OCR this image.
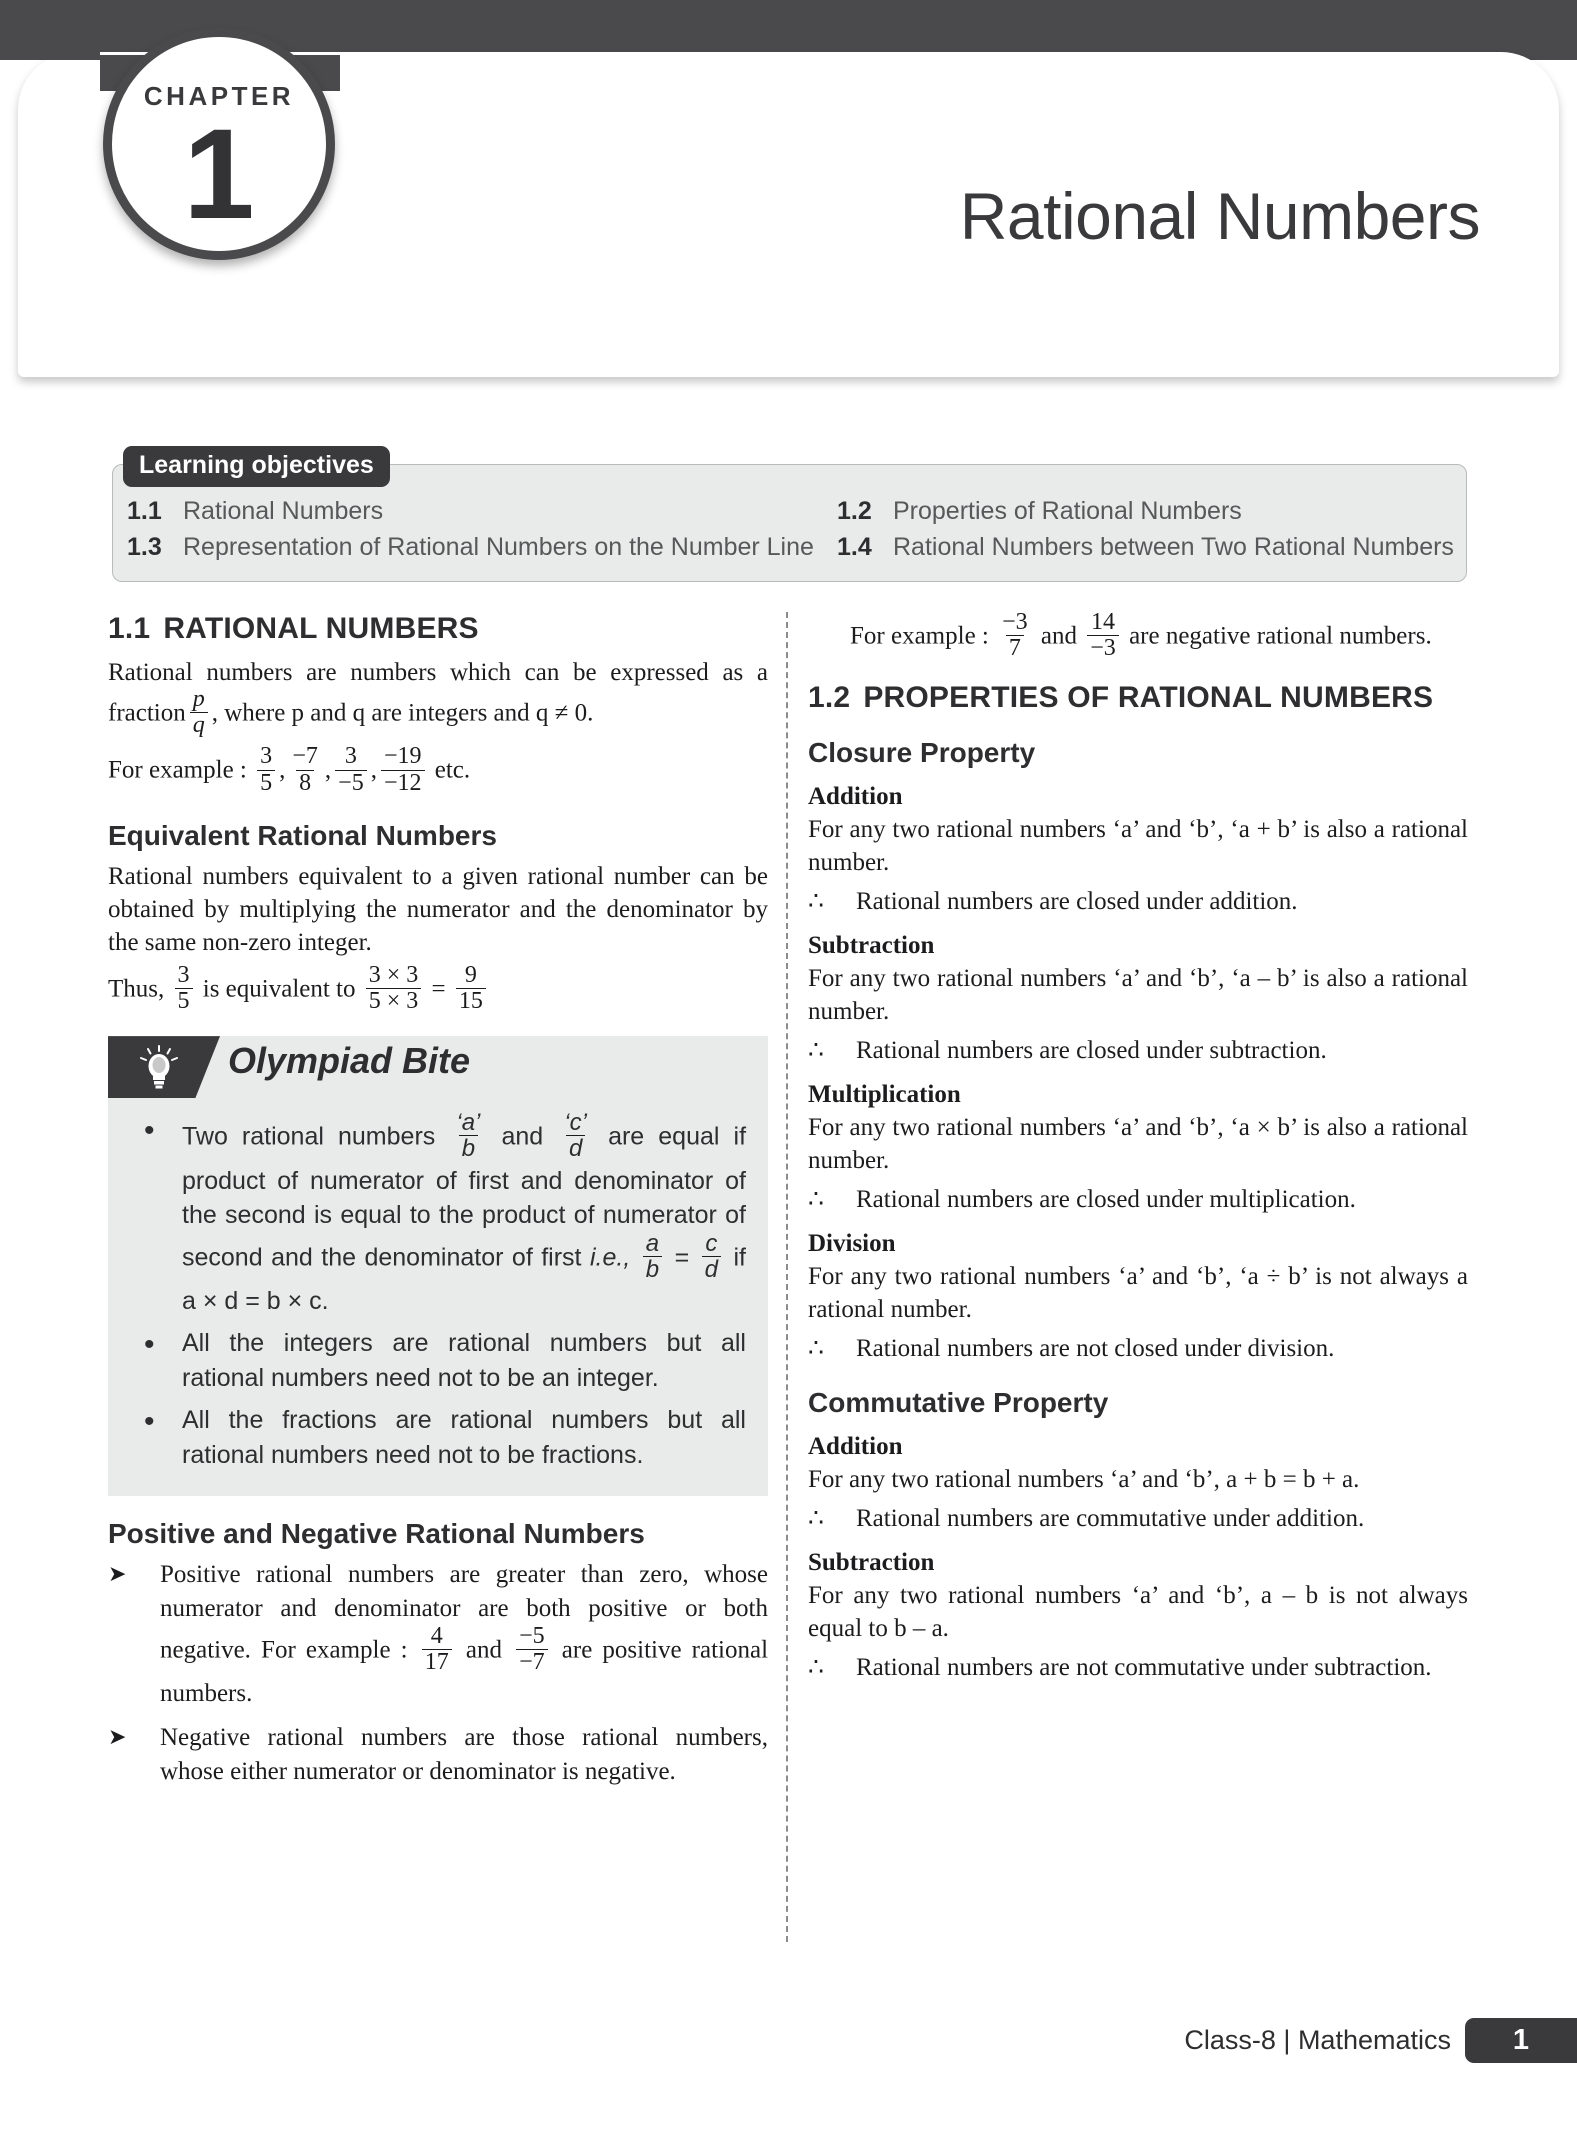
CHAPTER
1	Rational Numbers
Learning objectives
1.1 Rational Numbers	1.2 Properties of Rational Numbers
1.3 Representation of Rational Numbers on the Number Line 1.4 Rational Numbers between Two Rational Numbers
1.1 RATIONAL NUMBERS

Rational numbers are numbers which can be expressed as a fraction $\frac{p}{q}$ , where p and q are integers and q ≠ 0.

For example : $\frac{3}{5}$ , $\frac{-7}{8}$ , $\frac{3}{-5}$ , $\frac{-19}{-12}$ etc.

Equivalent Rational Numbers

Rational numbers equivalent to a given rational number can be obtained by multiplying the numerator and the denominator by the same non-zero integer.

Thus, $\frac{3}{5}$ is equivalent to $\frac{3 \times 3}{5 \times 3} = \frac{9}{15}$

Olympiad Bite
• Two rational numbers $\frac{‘a’}{b}$ and $\frac{‘c’}{d}$ are equal if product of numerator of first and denominator of the second is equal to the product of numerator of second and the denominator of first i.e., $\frac{a}{b} = \frac{c}{d}$ if a × d = b × c.
• All the integers are rational numbers but all rational numbers need not to be an integer.
• All the fractions are rational numbers but all rational numbers need not to be fractions.
Positive and Negative Rational Numbers
➤ Positive rational numbers are greater than zero, whose numerator and denominator are both positive or both negative. For example : $\frac{4}{17}$ and $\frac{-5}{-7}$ are positive rational numbers.
➤ Negative rational numbers are those rational numbers, whose either numerator or denominator is negative.

For example : $\frac{-3}{7}$ and $\frac{14}{-3}$ are negative rational numbers.

1.2 PROPERTIES OF RATIONAL NUMBERS
Closure Property
Addition

For any two rational numbers ‘a’ and ‘b’, ‘a + b’ is also a rational number.

∴	Rational numbers are closed under addition.
Subtraction

For any two rational numbers ‘a’ and ‘b’, ‘a – b’ is also a rational number.

∴	Rational numbers are closed under subtraction.
Multiplication

For any two rational numbers ‘a’ and ‘b’, ‘a × b’ is also a rational number.

∴	Rational numbers are closed under multiplication.
Division

For any two rational numbers ‘a’ and ‘b’, ‘a ÷ b’ is not always a rational number.

∴	Rational numbers are not closed under division.
Commutative Property
Addition

For any two rational numbers ‘a’ and ‘b’, a + b = b + a.

∴	Rational numbers are commutative under addition.
Subtraction

For any two rational numbers ‘a’ and ‘b’, a – b is not always equal to b – a.

∴	Rational numbers are not commutative under subtraction.
Class-8 | Mathematics	1
